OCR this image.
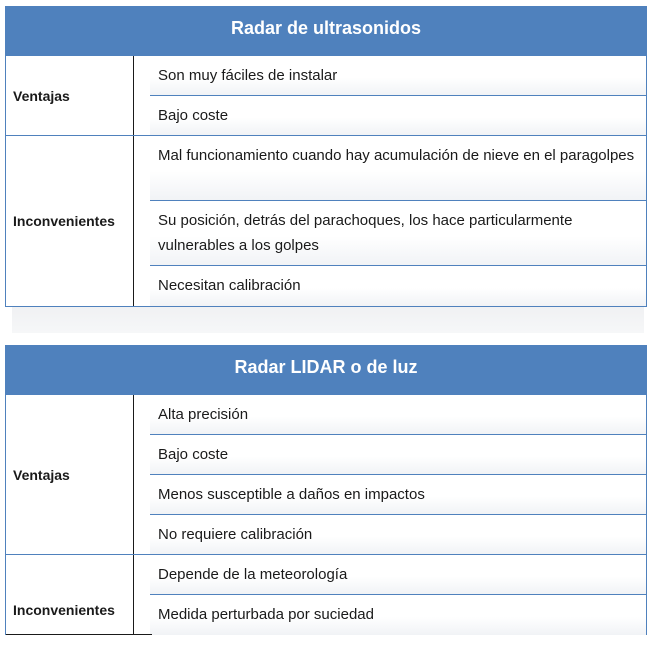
Radar de ultrasonidos
Ventajas
Son muy fáciles de instalar
Bajo coste
Inconvenientes
Mal funcionamiento cuando hay acumulación de nieve en el paragolpes
Su posición, detrás del parachoques, los hace particularmente vulnerables a los golpes
Necesitan calibración
Radar LIDAR o de luz
Ventajas
Alta precisión
Bajo coste
Menos susceptible a daños en impactos
No requiere calibración
Inconvenientes
Depende de la meteorología
Medida perturbada por suciedad
